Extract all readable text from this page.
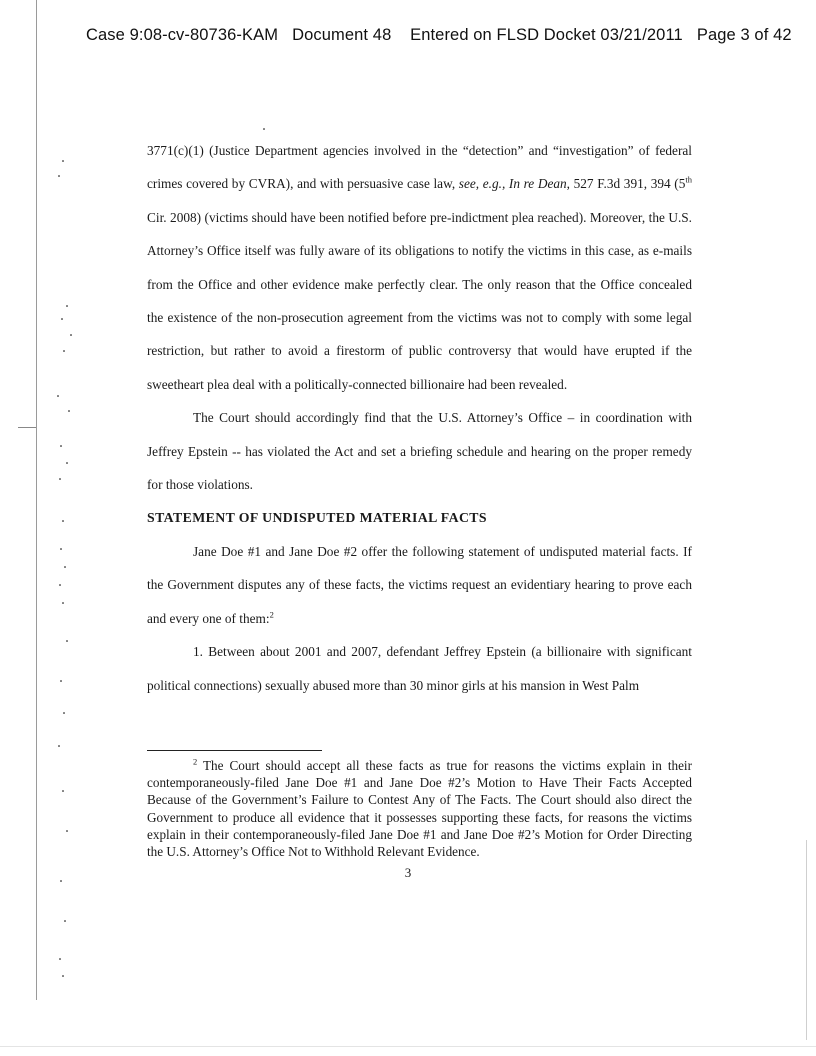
Case 9:08-cv-80736-KAM Document 48 Entered on FLSD Docket 03/21/2011 Page 3 of 42

3771(c)(1) (Justice Department agencies involved in the “detection” and “investigation” of federal crimes covered by CVRA), and with persuasive case law, see, e.g., In re Dean, 527 F.3d 391, 394 (5th Cir. 2008) (victims should have been notified before pre-indictment plea reached). Moreover, the U.S. Attorney’s Office itself was fully aware of its obligations to notify the victims in this case, as e-mails from the Office and other evidence make perfectly clear. The only reason that the Office concealed the existence of the non-prosecution agreement from the victims was not to comply with some legal restriction, but rather to avoid a firestorm of public controversy that would have erupted if the sweetheart plea deal with a politically-connected billionaire had been revealed.

The Court should accordingly find that the U.S. Attorney’s Office – in coordination with Jeffrey Epstein -- has violated the Act and set a briefing schedule and hearing on the proper remedy for those violations.

STATEMENT OF UNDISPUTED MATERIAL FACTS

Jane Doe #1 and Jane Doe #2 offer the following statement of undisputed material facts. If the Government disputes any of these facts, the victims request an evidentiary hearing to prove each and every one of them:$^2$

1. Between about 2001 and 2007, defendant Jeffrey Epstein (a billionaire with significant political connections) sexually abused more than 30 minor girls at his mansion in West Palm

$^2$ The Court should accept all these facts as true for reasons the victims explain in their contemporaneously-filed Jane Doe #1 and Jane Doe #2’s Motion to Have Their Facts Accepted Because of the Government’s Failure to Contest Any of The Facts. The Court should also direct the Government to produce all evidence that it possesses supporting these facts, for reasons the victims explain in their contemporaneously-filed Jane Doe #1 and Jane Doe #2’s Motion for Order Directing the U.S. Attorney’s Office Not to Withhold Relevant Evidence.

3
